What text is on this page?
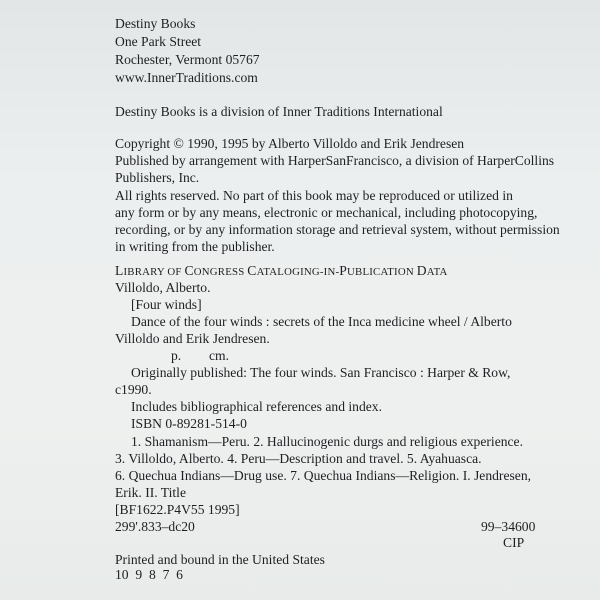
Destiny Books
One Park Street
Rochester, Vermont 05767
www.InnerTraditions.com
Destiny Books is a division of Inner Traditions International
Copyright © 1990, 1995 by Alberto Villoldo and Erik Jendresen
Published by arrangement with HarperSanFrancisco, a division of HarperCollins
Publishers, Inc.
All rights reserved. No part of this book may be reproduced or utilized in
any form or by any means, electronic or mechanical, including photocopying,
recording, or by any information storage and retrieval system, without permission
in writing from the publisher.
LIBRARY OF CONGRESS CATALOGING-IN-PUBLICATION DATA
Villoldo, Alberto.
[Four winds]
Dance of the four winds : secrets of the Inca medicine wheel / Alberto
Villoldo and Erik Jendresen.
p. cm.
Originally published: The four winds. San Francisco : Harper & Row,
c1990.
Includes bibliographical references and index.
ISBN 0-89281-514-0
1. Shamanism—Peru. 2. Hallucinogenic durgs and religious experience.
3. Villoldo, Alberto. 4. Peru—Description and travel. 5. Ayahuasca.
6. Quechua Indians—Drug use. 7. Quechua Indians—Religion. I. Jendresen,
Erik. II. Title
[BF1622.P4V55 1995]
299'.833–dc20	99–34600
CIP
Printed and bound in the United States
10  9  8  7  6
